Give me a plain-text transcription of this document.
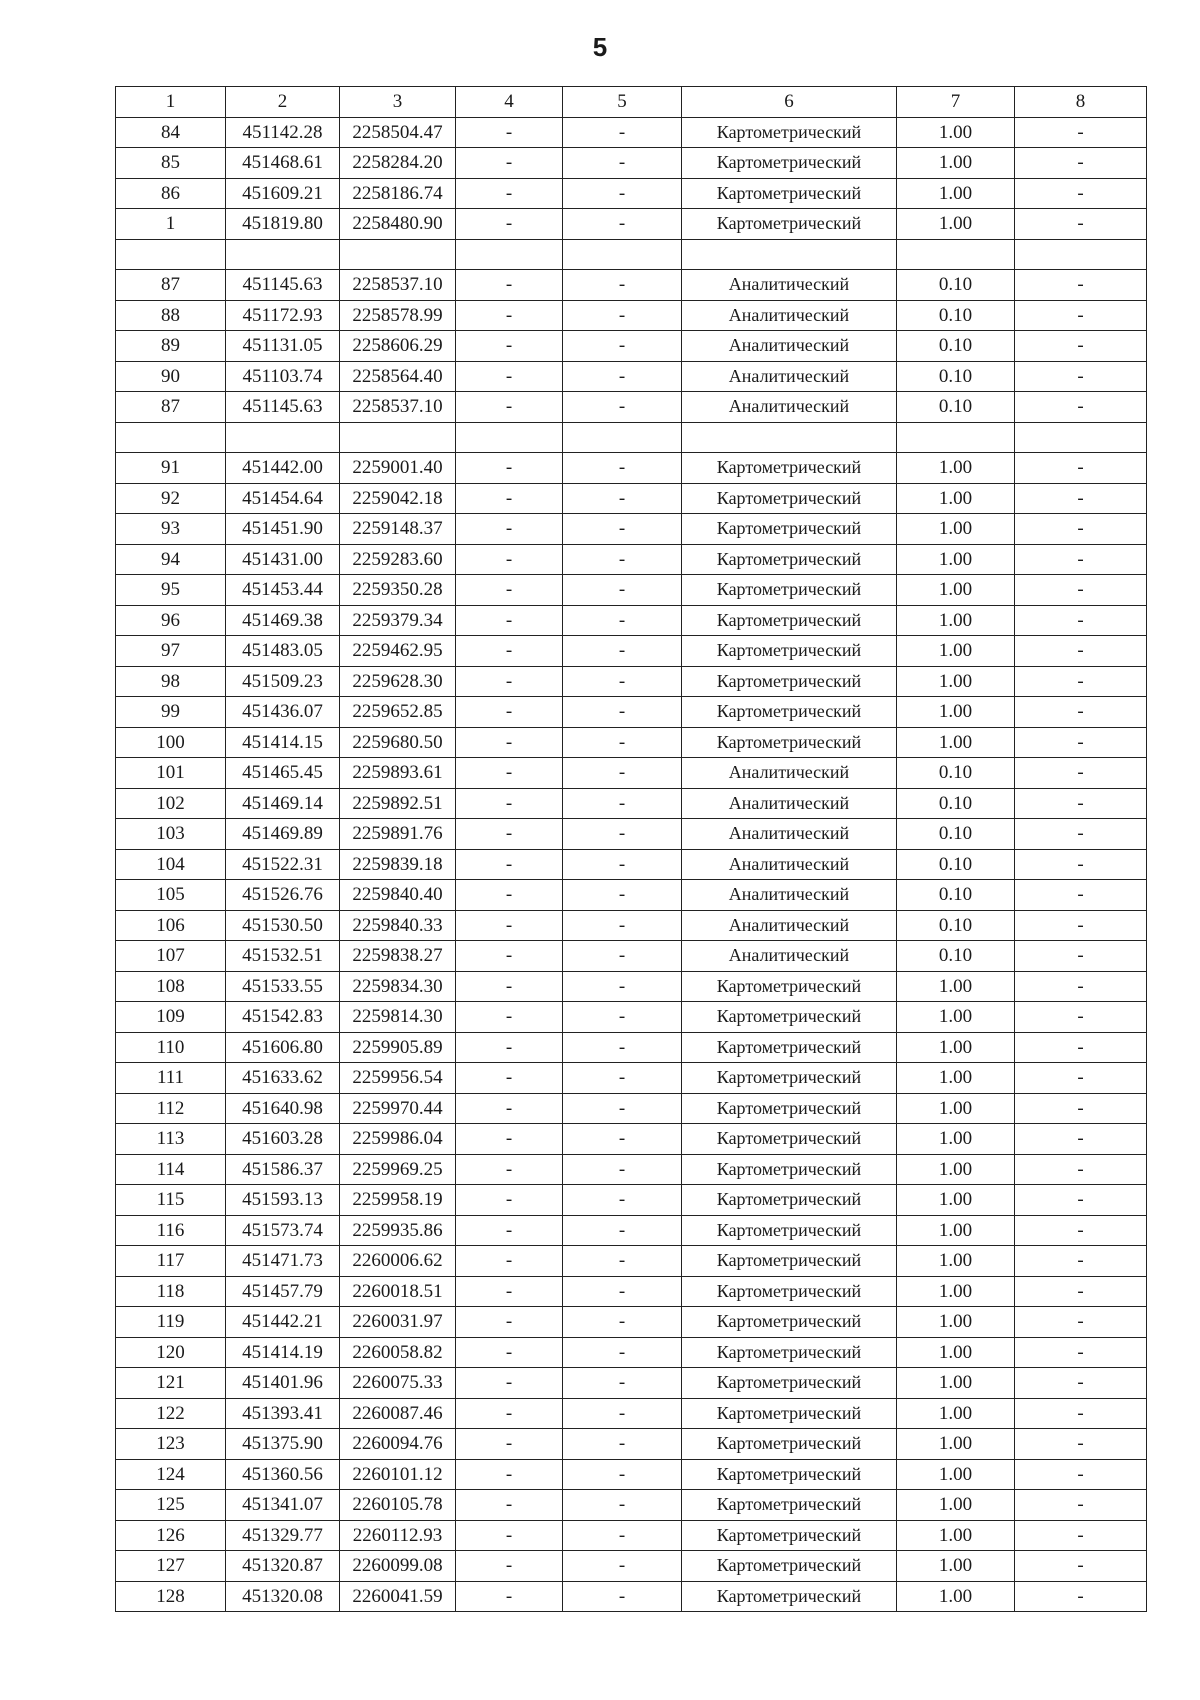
5
1	2	3	4	5	6	7	8
84	451142.28	2258504.47	-	-	Картометрический	1.00	-
85	451468.61	2258284.20	-	-	Картометрический	1.00	-
86	451609.21	2258186.74	-	-	Картометрический	1.00	-
1	451819.80	2258480.90	-	-	Картометрический	1.00	-

87	451145.63	2258537.10	-	-	Аналитический	0.10	-
88	451172.93	2258578.99	-	-	Аналитический	0.10	-
89	451131.05	2258606.29	-	-	Аналитический	0.10	-
90	451103.74	2258564.40	-	-	Аналитический	0.10	-
87	451145.63	2258537.10	-	-	Аналитический	0.10	-

91	451442.00	2259001.40	-	-	Картометрический	1.00	-
92	451454.64	2259042.18	-	-	Картометрический	1.00	-
93	451451.90	2259148.37	-	-	Картометрический	1.00	-
94	451431.00	2259283.60	-	-	Картометрический	1.00	-
95	451453.44	2259350.28	-	-	Картометрический	1.00	-
96	451469.38	2259379.34	-	-	Картометрический	1.00	-
97	451483.05	2259462.95	-	-	Картометрический	1.00	-
98	451509.23	2259628.30	-	-	Картометрический	1.00	-
99	451436.07	2259652.85	-	-	Картометрический	1.00	-
100	451414.15	2259680.50	-	-	Картометрический	1.00	-
101	451465.45	2259893.61	-	-	Аналитический	0.10	-
102	451469.14	2259892.51	-	-	Аналитический	0.10	-
103	451469.89	2259891.76	-	-	Аналитический	0.10	-
104	451522.31	2259839.18	-	-	Аналитический	0.10	-
105	451526.76	2259840.40	-	-	Аналитический	0.10	-
106	451530.50	2259840.33	-	-	Аналитический	0.10	-
107	451532.51	2259838.27	-	-	Аналитический	0.10	-
108	451533.55	2259834.30	-	-	Картометрический	1.00	-
109	451542.83	2259814.30	-	-	Картометрический	1.00	-
110	451606.80	2259905.89	-	-	Картометрический	1.00	-
111	451633.62	2259956.54	-	-	Картометрический	1.00	-
112	451640.98	2259970.44	-	-	Картометрический	1.00	-
113	451603.28	2259986.04	-	-	Картометрический	1.00	-
114	451586.37	2259969.25	-	-	Картометрический	1.00	-
115	451593.13	2259958.19	-	-	Картометрический	1.00	-
116	451573.74	2259935.86	-	-	Картометрический	1.00	-
117	451471.73	2260006.62	-	-	Картометрический	1.00	-
118	451457.79	2260018.51	-	-	Картометрический	1.00	-
119	451442.21	2260031.97	-	-	Картометрический	1.00	-
120	451414.19	2260058.82	-	-	Картометрический	1.00	-
121	451401.96	2260075.33	-	-	Картометрический	1.00	-
122	451393.41	2260087.46	-	-	Картометрический	1.00	-
123	451375.90	2260094.76	-	-	Картометрический	1.00	-
124	451360.56	2260101.12	-	-	Картометрический	1.00	-
125	451341.07	2260105.78	-	-	Картометрический	1.00	-
126	451329.77	2260112.93	-	-	Картометрический	1.00	-
127	451320.87	2260099.08	-	-	Картометрический	1.00	-
128	451320.08	2260041.59	-	-	Картометрический	1.00	-
